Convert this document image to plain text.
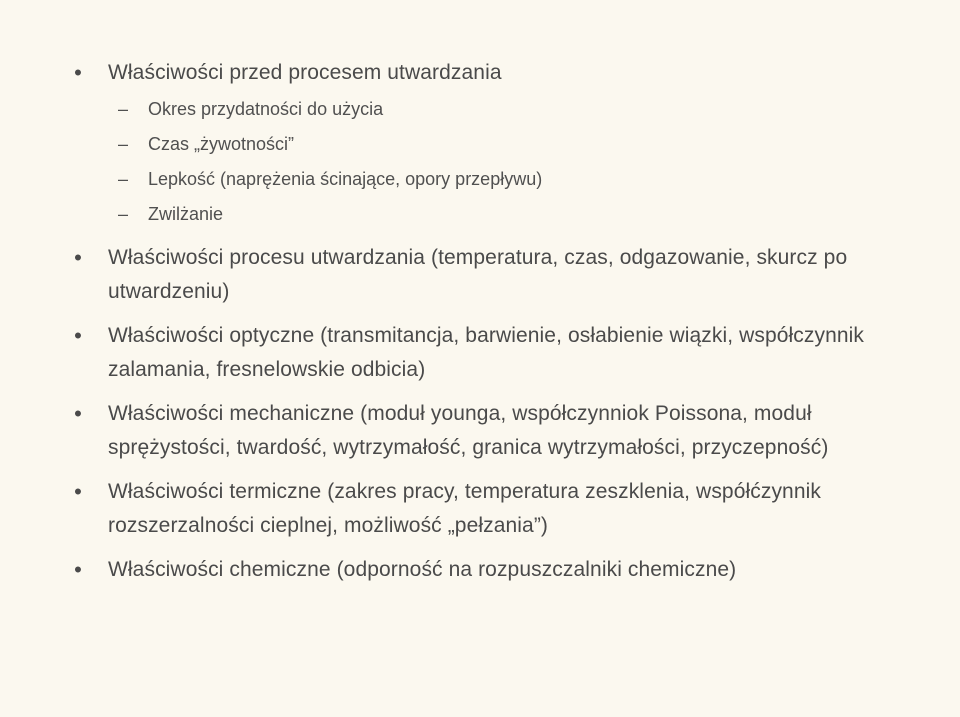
• Właściwości przed procesem utwardzania
–	Okres przydatności do użycia
–	Czas „żywotności”
–	Lepkość (naprężenia ścinające, opory przepływu)
–	Zwilżanie
• Właściwości procesu utwardzania (temperatura, czas, odgazowanie, skurcz po utwardzeniu)
• Właściwości optyczne (transmitancja, barwienie, osłabienie wiązki, współczynnik zalamania, fresnelowskie odbicia)
• Właściwości mechaniczne (moduł younga, współczynniok Poissona, moduł sprężystości, twardość, wytrzymałość, granica wytrzymałości, przyczepność)
• Właściwości termiczne (zakres pracy, temperatura zeszklenia, współćzynnik rozszerzalności cieplnej, możliwość „pełzania”)
• Właściwości chemiczne (odporność na rozpuszczalniki chemiczne)
